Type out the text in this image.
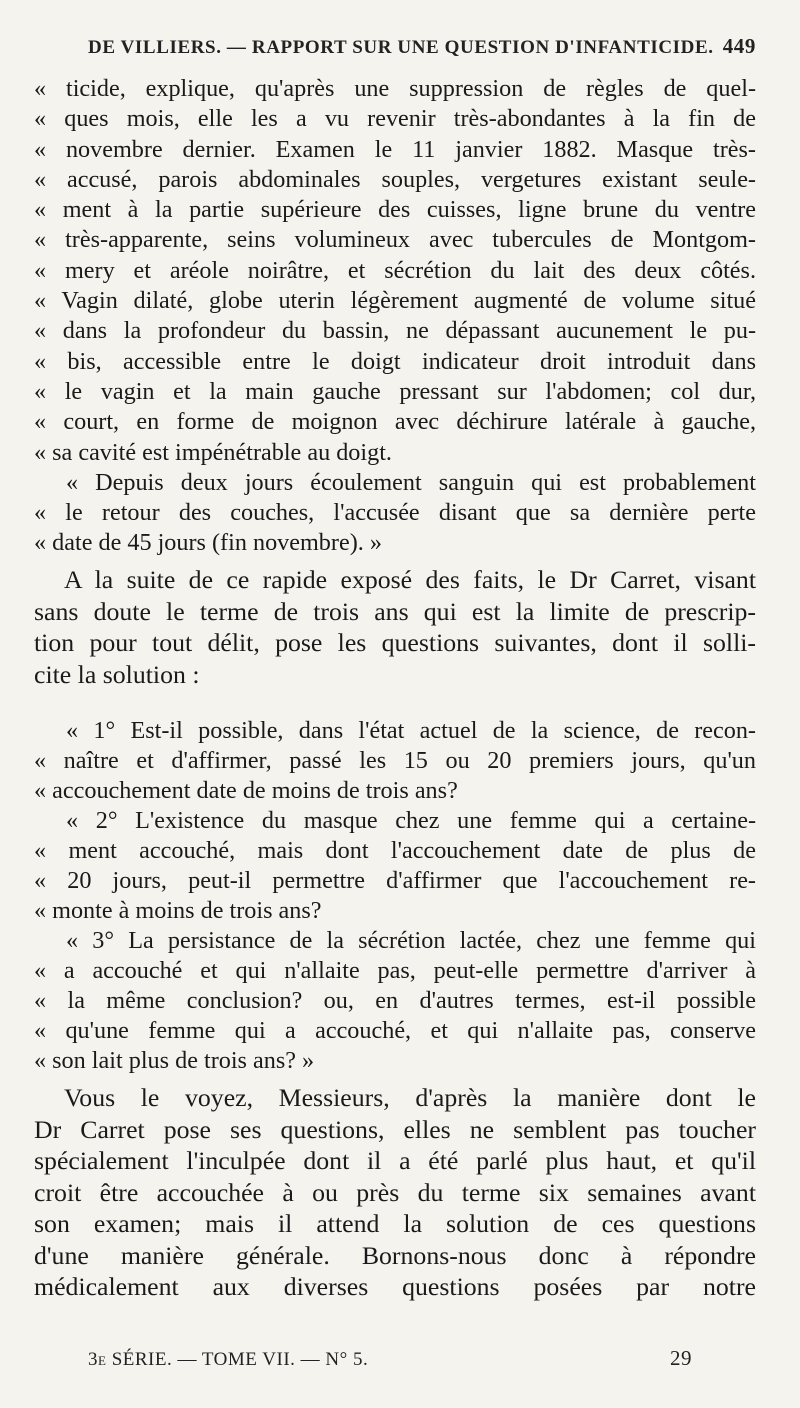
DE VILLIERS. — RAPPORT SUR UNE QUESTION D'INFANTICIDE. 449
« ticide, explique, qu'après une suppression de règles de quel-
« ques mois, elle les a vu revenir très-abondantes à la fin de
« novembre dernier. Examen le 11 janvier 1882. Masque très-
« accusé, parois abdominales souples, vergetures existant seule-
« ment à la partie supérieure des cuisses, ligne brune du ventre
« très-apparente, seins volumineux avec tubercules de Montgom-
« mery et aréole noirâtre, et sécrétion du lait des deux côtés.
« Vagin dilaté, globe uterin légèrement augmenté de volume situé
« dans la profondeur du bassin, ne dépassant aucunement le pu-
« bis, accessible entre le doigt indicateur droit introduit dans
« le vagin et la main gauche pressant sur l'abdomen; col dur,
« court, en forme de moignon avec déchirure latérale à gauche,
« sa cavité est impénétrable au doigt.
« Depuis deux jours écoulement sanguin qui est probablement
« le retour des couches, l'accusée disant que sa dernière perte
« date de 45 jours (fin novembre). »
A la suite de ce rapide exposé des faits, le Dr Carret, visant
sans doute le terme de trois ans qui est la limite de prescrip-
tion pour tout délit, pose les questions suivantes, dont il solli-
cite la solution :
« 1° Est-il possible, dans l'état actuel de la science, de recon-
« naître et d'affirmer, passé les 15 ou 20 premiers jours, qu'un
« accouchement date de moins de trois ans?
« 2° L'existence du masque chez une femme qui a certaine-
« ment accouché, mais dont l'accouchement date de plus de
« 20 jours, peut-il permettre d'affirmer que l'accouchement re-
« monte à moins de trois ans?
« 3° La persistance de la sécrétion lactée, chez une femme qui
« a accouché et qui n'allaite pas, peut-elle permettre d'arriver à
« la même conclusion? ou, en d'autres termes, est-il possible
« qu'une femme qui a accouché, et qui n'allaite pas, conserve
« son lait plus de trois ans? »
Vous le voyez, Messieurs, d'après la manière dont le
Dr Carret pose ses questions, elles ne semblent pas toucher
spécialement l'inculpée dont il a été parlé plus haut, et qu'il
croit être accouchée à ou près du terme six semaines avant
son examen; mais il attend la solution de ces questions
d'une manière générale. Bornons-nous donc à répondre
médicalement aux diverses questions posées par notre
3e SÉRIE. — TOME VII. — N° 5.	29
